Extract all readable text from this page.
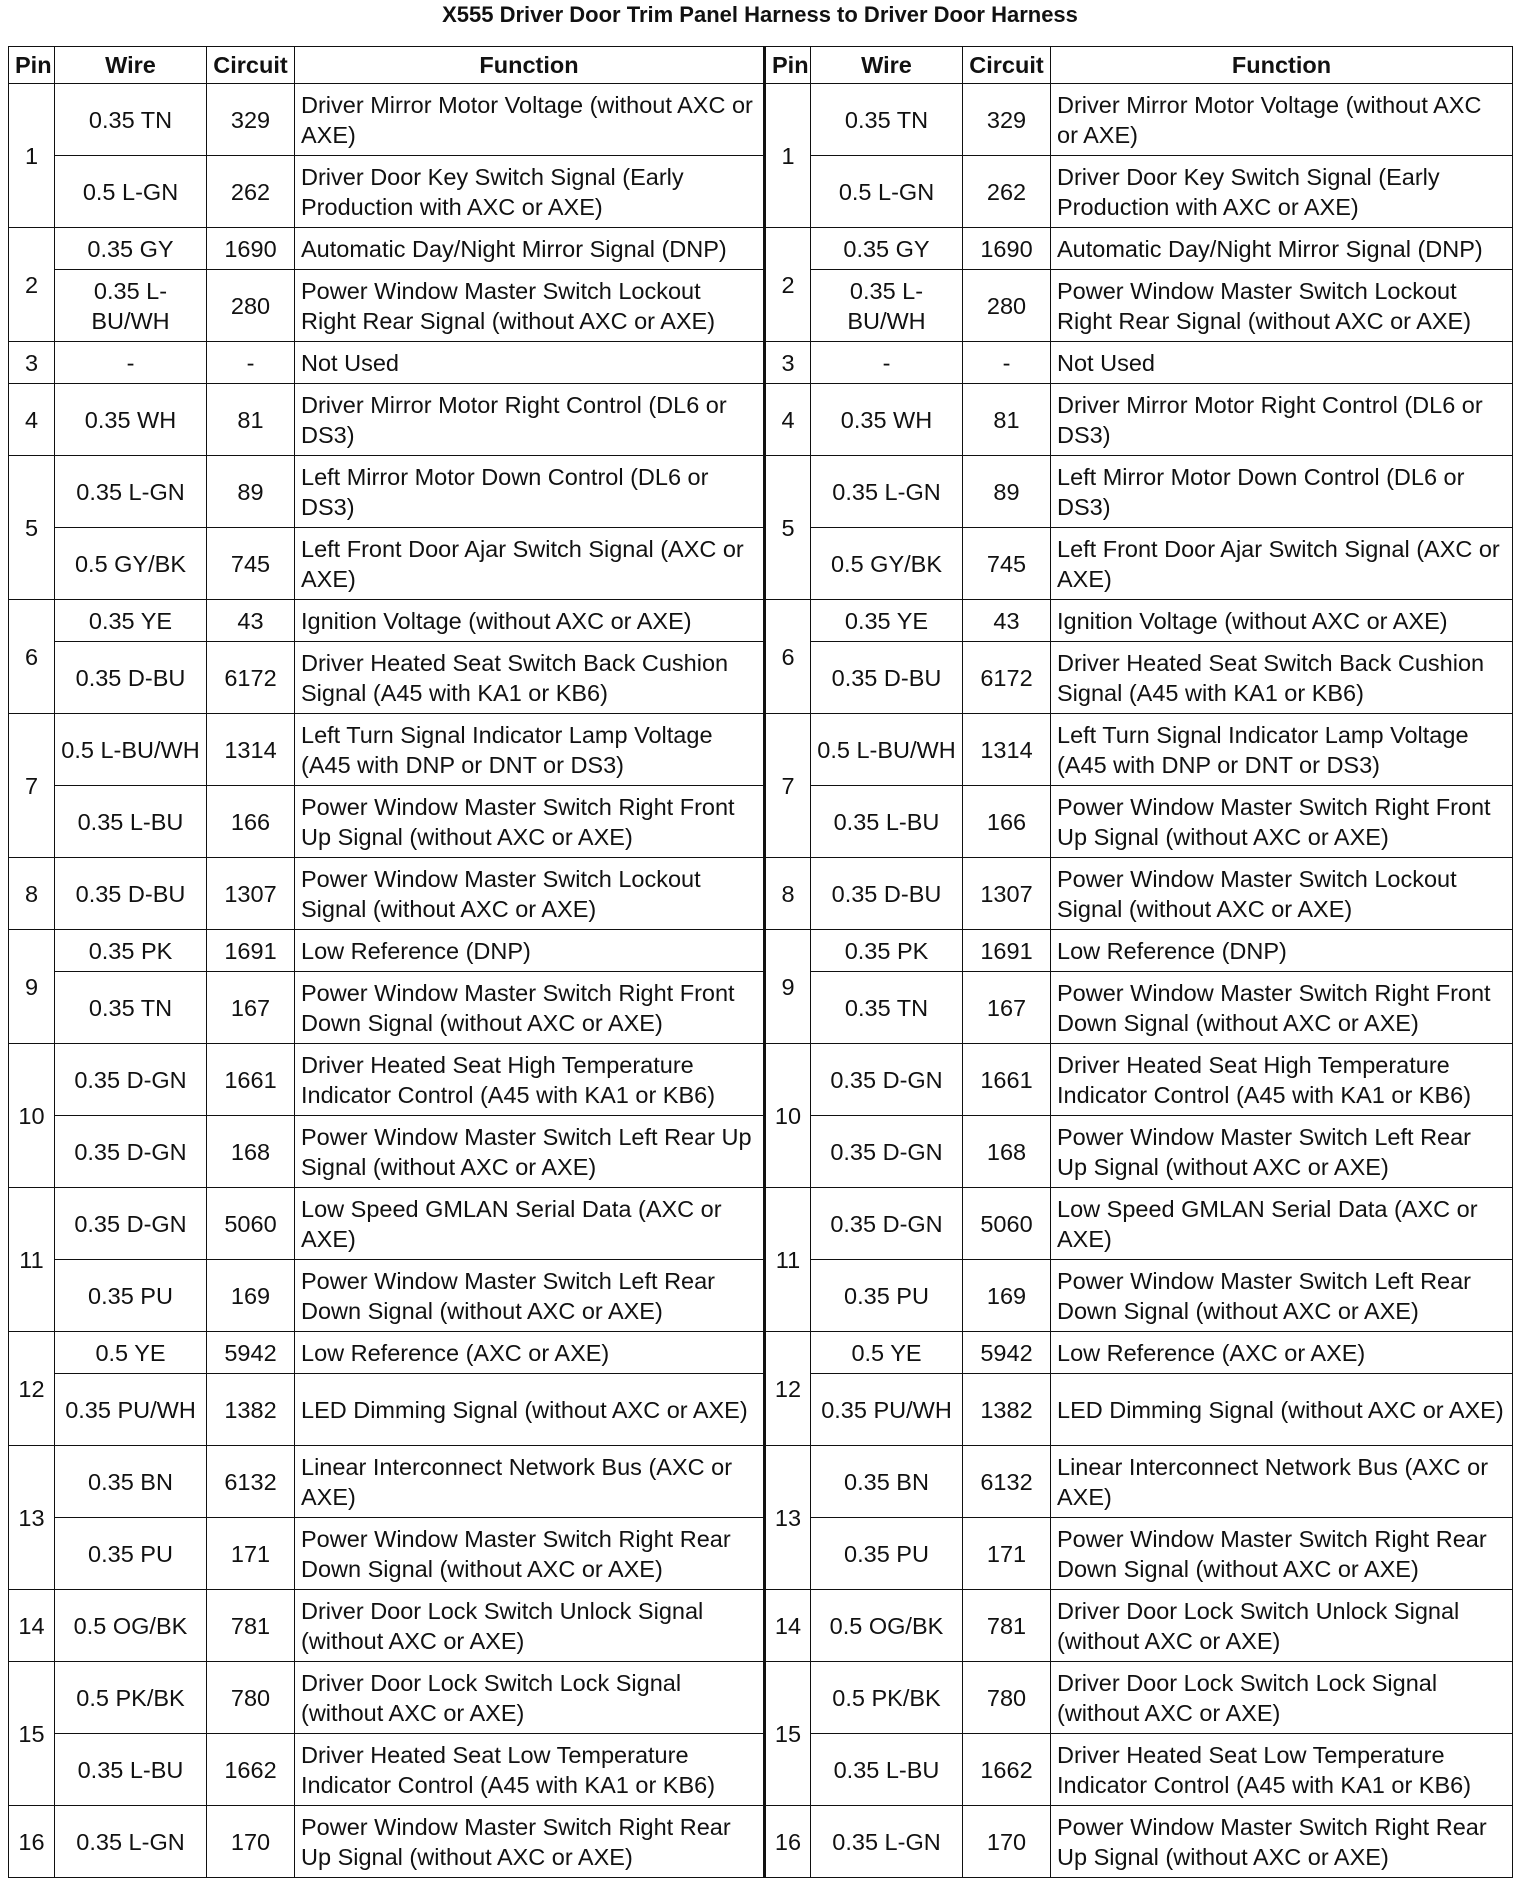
X555 Driver Door Trim Panel Harness to Driver Door Harness
Pin	Wire	Circuit	Function	Pin	Wire	Circuit	Function
1	0.35 TN	329	Driver Mirror Motor Voltage (without AXC or AXE)	1	0.35 TN	329	Driver Mirror Motor Voltage (without AXC or AXE)
	0.5 L-GN	262	Driver Door Key Switch Signal (Early Production with AXC or AXE)		0.5 L-GN	262	Driver Door Key Switch Signal (Early Production with AXC or AXE)
2	0.35 GY	1690	Automatic Day/Night Mirror Signal (DNP)	2	0.35 GY	1690	Automatic Day/Night Mirror Signal (DNP)
	0.35 L-BU/WH	280	Power Window Master Switch Lockout Right Rear Signal (without AXC or AXE)		0.35 L-BU/WH	280	Power Window Master Switch Lockout Right Rear Signal (without AXC or AXE)
3	-	-	Not Used	3	-	-	Not Used
4	0.35 WH	81	Driver Mirror Motor Right Control (DL6 or DS3)	4	0.35 WH	81	Driver Mirror Motor Right Control (DL6 or DS3)
5	0.35 L-GN	89	Left Mirror Motor Down Control (DL6 or DS3)	5	0.35 L-GN	89	Left Mirror Motor Down Control (DL6 or DS3)
	0.5 GY/BK	745	Left Front Door Ajar Switch Signal (AXC or AXE)		0.5 GY/BK	745	Left Front Door Ajar Switch Signal (AXC or AXE)
6	0.35 YE	43	Ignition Voltage (without AXC or AXE)	6	0.35 YE	43	Ignition Voltage (without AXC or AXE)
	0.35 D-BU	6172	Driver Heated Seat Switch Back Cushion Signal (A45 with KA1 or KB6)		0.35 D-BU	6172	Driver Heated Seat Switch Back Cushion Signal (A45 with KA1 or KB6)
7	0.5 L-BU/WH	1314	Left Turn Signal Indicator Lamp Voltage (A45 with DNP or DNT or DS3)	7	0.5 L-BU/WH	1314	Left Turn Signal Indicator Lamp Voltage (A45 with DNP or DNT or DS3)
	0.35 L-BU	166	Power Window Master Switch Right Front Up Signal (without AXC or AXE)		0.35 L-BU	166	Power Window Master Switch Right Front Up Signal (without AXC or AXE)
8	0.35 D-BU	1307	Power Window Master Switch Lockout Signal (without AXC or AXE)	8	0.35 D-BU	1307	Power Window Master Switch Lockout Signal (without AXC or AXE)
9	0.35 PK	1691	Low Reference (DNP)	9	0.35 PK	1691	Low Reference (DNP)
	0.35 TN	167	Power Window Master Switch Right Front Down Signal (without AXC or AXE)		0.35 TN	167	Power Window Master Switch Right Front Down Signal (without AXC or AXE)
10	0.35 D-GN	1661	Driver Heated Seat High Temperature Indicator Control (A45 with KA1 or KB6)	10	0.35 D-GN	1661	Driver Heated Seat High Temperature Indicator Control (A45 with KA1 or KB6)
	0.35 D-GN	168	Power Window Master Switch Left Rear Up Signal (without AXC or AXE)		0.35 D-GN	168	Power Window Master Switch Left Rear Up Signal (without AXC or AXE)
11	0.35 D-GN	5060	Low Speed GMLAN Serial Data (AXC or AXE)	11	0.35 D-GN	5060	Low Speed GMLAN Serial Data (AXC or AXE)
	0.35 PU	169	Power Window Master Switch Left Rear Down Signal (without AXC or AXE)		0.35 PU	169	Power Window Master Switch Left Rear Down Signal (without AXC or AXE)
12	0.5 YE	5942	Low Reference (AXC or AXE)	12	0.5 YE	5942	Low Reference (AXC or AXE)
	0.35 PU/WH	1382	LED Dimming Signal (without AXC or AXE)		0.35 PU/WH	1382	LED Dimming Signal (without AXC or AXE)
13	0.35 BN	6132	Linear Interconnect Network Bus (AXC or AXE)	13	0.35 BN	6132	Linear Interconnect Network Bus (AXC or AXE)
	0.35 PU	171	Power Window Master Switch Right Rear Down Signal (without AXC or AXE)		0.35 PU	171	Power Window Master Switch Right Rear Down Signal (without AXC or AXE)
14	0.5 OG/BK	781	Driver Door Lock Switch Unlock Signal (without AXC or AXE)	14	0.5 OG/BK	781	Driver Door Lock Switch Unlock Signal (without AXC or AXE)
15	0.5 PK/BK	780	Driver Door Lock Switch Lock Signal (without AXC or AXE)	15	0.5 PK/BK	780	Driver Door Lock Switch Lock Signal (without AXC or AXE)
	0.35 L-BU	1662	Driver Heated Seat Low Temperature Indicator Control (A45 with KA1 or KB6)		0.35 L-BU	1662	Driver Heated Seat Low Temperature Indicator Control (A45 with KA1 or KB6)
16	0.35 L-GN	170	Power Window Master Switch Right Rear Up Signal (without AXC or AXE)	16	0.35 L-GN	170	Power Window Master Switch Right Rear Up Signal (without AXC or AXE)
